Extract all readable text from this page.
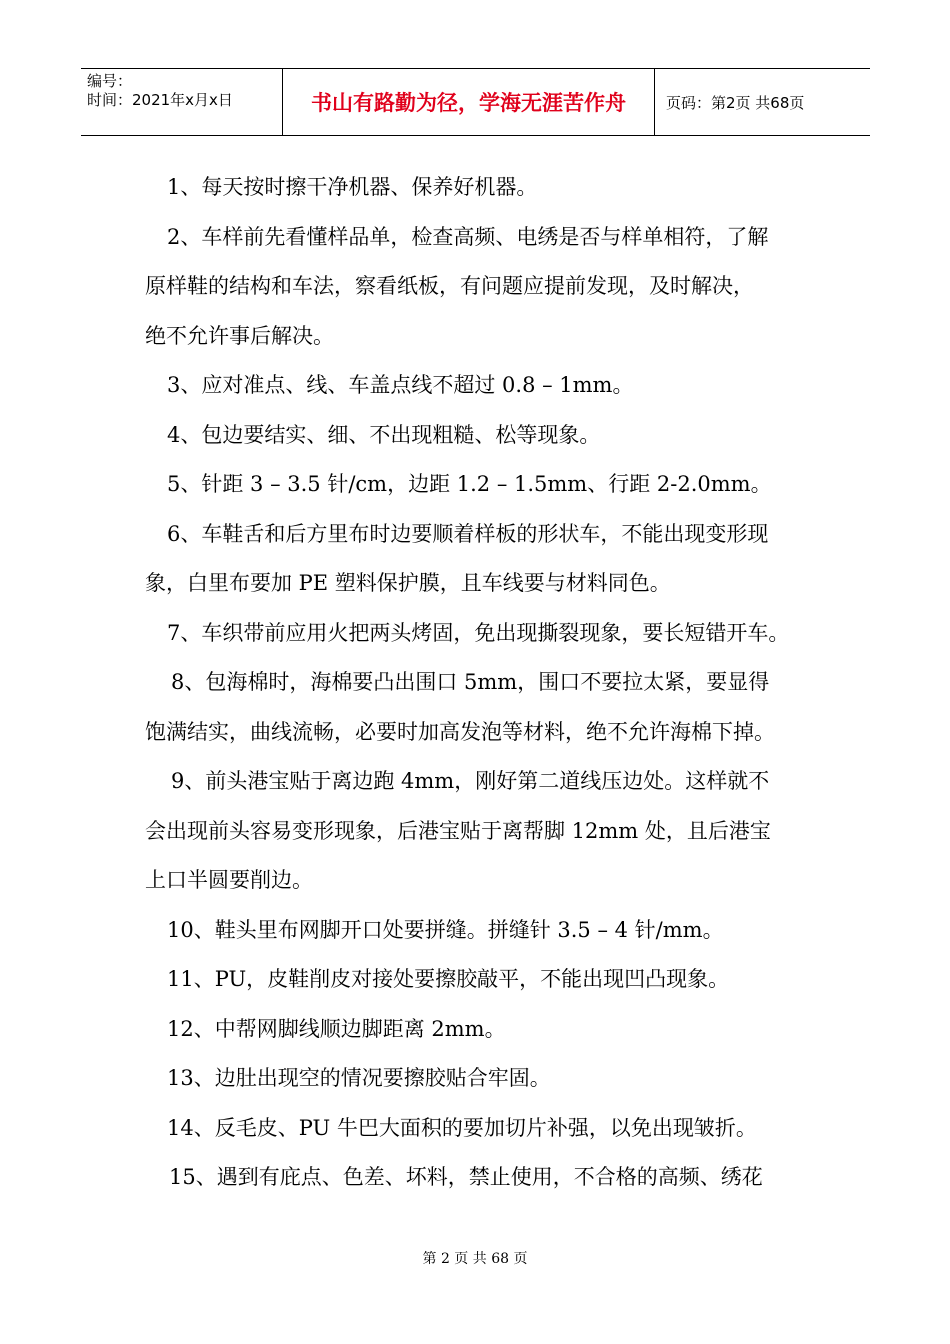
编号：
时间：2021年x月x日	书山有路勤为径，学海无涯苦作舟	页码：第2页 共68页
1、每天按时擦干净机器、保养好机器。
2、车样前先看懂样品单，检查高频、电绣是否与样单相符，了解
原样鞋的结构和车法，察看纸板，有问题应提前发现，及时解决，
绝不允许事后解决。
3、应对准点、线、车盖点线不超过 0.8 – 1mm。
4、包边要结实、细、不出现粗糙、松等现象。
5、针距 3 – 3.5 针/cm，边距 1.2 – 1.5mm、行距 2-2.0mm。
6、车鞋舌和后方里布时边要顺着样板的形状车，不能出现变形现
象，白里布要加 PE 塑料保护膜，且车线要与材料同色。
7、车织带前应用火把两头烤固，免出现撕裂现象，要长短错开车。
8、包海棉时，海棉要凸出围口 5mm，围口不要拉太紧，要显得
饱满结实，曲线流畅，必要时加高发泡等材料，绝不允许海棉下掉。
9、前头港宝贴于离边跑 4mm，刚好第二道线压边处。这样就不
会出现前头容易变形现象，后港宝贴于离帮脚 12mm 处，且后港宝
上口半圆要削边。
10、鞋头里布网脚开口处要拼缝。拼缝针 3.5 – 4 针/mm。
11、PU，皮鞋削皮对接处要擦胶敲平，不能出现凹凸现象。
12、中帮网脚线顺边脚距离 2mm。
13、边肚出现空的情况要擦胶贴合牢固。
14、反毛皮、PU 牛巴大面积的要加切片补强，以免出现皱折。
15、遇到有庇点、色差、坏料，禁止使用，不合格的高频、绣花
第 2 页 共 68 页
